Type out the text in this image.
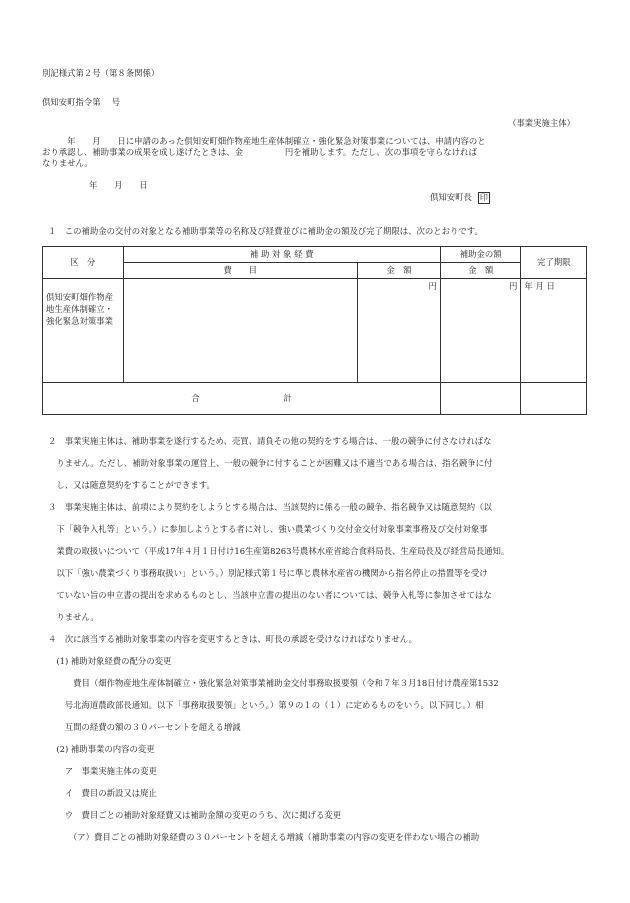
別記様式第２号（第８条関係）
倶知安町指令第　 号
（事業実施主体）
　　　年　　月　　日に申請のあった倶知安町畑作物産地生産体制確立・強化緊急対策事業については、申請内容のと
おり承認し、補助事業の成果を成し遂げたときは、金　　　　　円を補助します。ただし、次の事項を守らなければ
なりません。
年　　月　　日
倶知安町長 印
１　この補助金の交付の対象となる補助事業等の名称及び経費並びに補助金の額及び完了期限は、次のとおりです。
区　分	補 助 対 象 経 費		補助金の額	完了期限
	費　　目	金　額	金　額	
倶知安町畑作物産地生産体制確立・強化緊急対策事業		円	円	年 月 日
合　　　　　　　　　　計				
２　事業実施主体は、補助事業を遂行するため、売買、請負その他の契約をする場合は、一般の競争に付さなければな
　りません。ただし、補助対象事業の運営上、一般の競争に付することが困難又は不適当である場合は、指名競争に付
　し、又は随意契約をすることができます。
３　事業実施主体は、前項により契約をしようとする場合は、当該契約に係る一般の競争、指名競争又は随意契約（以
　下「競争入札等」という。）に参加しようとする者に対し、強い農業づくり交付金交付対象事業事務及び交付対象事
　業費の取扱いについて（平成17年４月１日付け16生産第8263号農林水産省総合食料局長、生産局長及び経営局長通知。
　以下「強い農業づくり事務取扱い」という。）別記様式第１号に準じ農林水産省の機関から指名停止の措置等を受け
　ていない旨の申立書の提出を求めるものとし、当該申立書の提出のない者については、競争入札等に参加させてはな
　りません。
４　次に該当する補助対象事業の内容を変更するときは、町長の承認を受けなければなりません。
　(1) 補助対象経費の配分の変更
　　　費目（畑作物産地生産体制確立・強化緊急対策事業補助金交付事務取扱要領（令和７年３月18日付け農産第1532
　　号北海道農政部長通知。以下「事務取扱要領」という。）第９の１の（１）に定めるものをいう。以下同じ。）相
　　互間の経費の額の３０パーセントを超える増減
　(2) 補助事業の内容の変更
　　ア　事業実施主体の変更
　　イ　費目の新設又は廃止
　　ウ　費目ごとの補助対象経費又は補助金額の変更のうち、次に掲げる変更
　　　（ア）費目ごとの補助対象経費の３０パーセントを超える増減（補助事業の内容の変更を伴わない場合の補助
